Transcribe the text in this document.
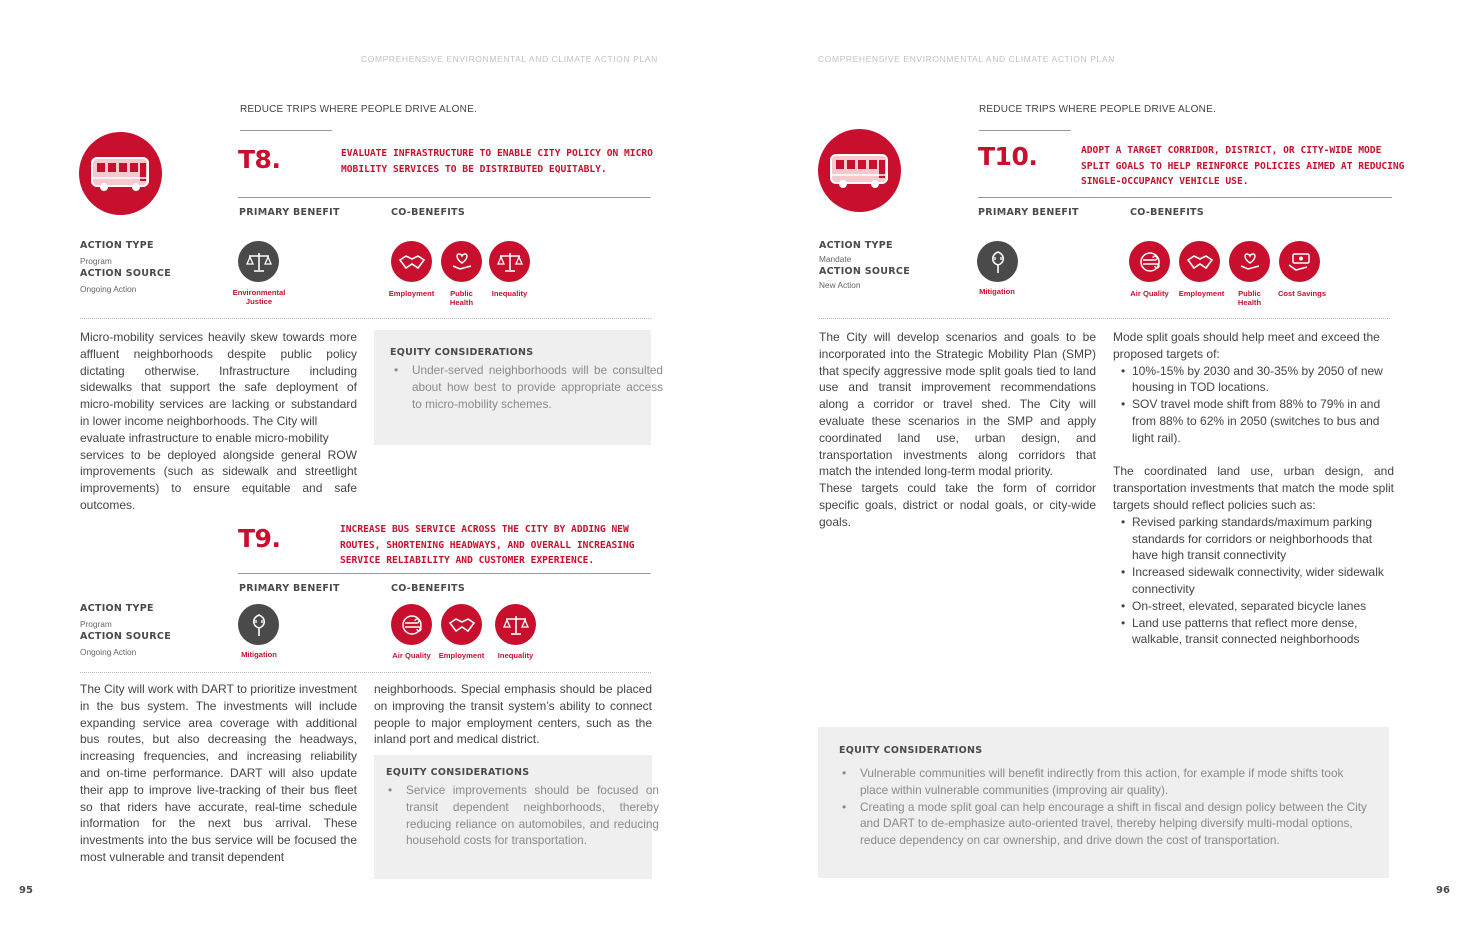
COMPREHENSIVE ENVIRONMENTAL AND CLIMATE ACTION PLAN	COMPREHENSIVE ENVIRONMENTAL AND CLIMATE ACTION PLAN
REDUCE TRIPS WHERE PEOPLE DRIVE ALONE.
T8.	EVALUATE INFRASTRUCTURE TO ENABLE CITY POLICY ON MICRO
MOBILITY SERVICES TO BE DISTRIBUTED EQUITABLY.
PRIMARY BENEFIT	CO-BENEFITS
ACTION TYPE
Program
ACTION SOURCE
Ongoing Action	Environmental
Justice
Employment	Public
Health
Inequality
Micro-mobility services heavily skew towards more affluent neighborhoods despite public policy dictating otherwise. Infrastructure including sidewalks that support the safe deployment of micro-mobility services are lacking or substandard in lower income neighborhoods. The City will
evaluate infrastructure to enable micro-mobility
services to be deployed alongside general ROW improvements (such as sidewalk and streetlight improvements) to ensure equitable and safe outcomes.
EQUITY CONSIDERATIONS
• Under-served neighborhoods will be consulted about how best to provide appropriate access to micro-mobility schemes.
T9.	INCREASE BUS SERVICE ACROSS THE CITY BY ADDING NEW
ROUTES, SHORTENING HEADWAYS, AND OVERALL INCREASING
SERVICE RELIABILITY AND CUSTOMER EXPERIENCE.
PRIMARY BENEFIT	CO-BENEFITS
ACTION TYPE
Program
ACTION SOURCE
Ongoing Action	Mitigation	Air Quality	Employment	Inequality
The City will work with DART to prioritize investment in the bus system. The investments will include expanding service area coverage with additional bus routes, but also decreasing the headways, increasing frequencies, and increasing reliability and on-time performance. DART will also update their app to improve live-tracking of their bus fleet so that riders have accurate, real-time schedule information for the next bus arrival. These investments into the bus service will be focused the most vulnerable and transit dependent
neighborhoods. Special emphasis should be placed on improving the transit system’s ability to connect people to major employment centers, such as the inland port and medical district.
EQUITY CONSIDERATIONS
• Service improvements should be focused on transit dependent neighborhoods, thereby reducing reliance on automobiles, and reducing household costs for transportation.
95
REDUCE TRIPS WHERE PEOPLE DRIVE ALONE.
T10.	ADOPT A TARGET CORRIDOR, DISTRICT, OR CITY-WIDE MODE
SPLIT GOALS TO HELP REINFORCE POLICIES AIMED AT REDUCING
SINGLE-OCCUPANCY VEHICLE USE.
PRIMARY BENEFIT	CO-BENEFITS
ACTION TYPE
Mandate
ACTION SOURCE
New Action
Mitigation	Air Quality	Employment	Public
Health
Cost Savings
The City will develop scenarios and goals to be incorporated into the Strategic Mobility Plan (SMP) that specify aggressive mode split goals tied to land use and transit improvement recommendations along a corridor or travel shed. The City will evaluate these scenarios in the SMP and apply coordinated land use, urban design, and transportation investments along corridors that match the intended long-term modal priority.
These targets could take the form of corridor specific goals, district or nodal goals, or city-wide goals.
Mode split goals should help meet and exceed the proposed targets of:
• 10%-15% by 2030 and 30-35% by 2050 of new housing in TOD locations.
• SOV travel mode shift from 88% to 79% in and from 88% to 62% in 2050 (switches to bus and light rail).
The coordinated land use, urban design, and transportation investments that match the mode split targets should reflect policies such as:
• Revised parking standards/maximum parking standards for corridors or neighborhoods that have high transit connectivity
• Increased sidewalk connectivity, wider sidewalk connectivity
• On-street, elevated, separated bicycle lanes
• Land use patterns that reflect more dense, walkable, transit connected neighborhoods
EQUITY CONSIDERATIONS
• Vulnerable communities will benefit indirectly from this action, for example if mode shifts took place within vulnerable communities (improving air quality).
• Creating a mode split goal can help encourage a shift in fiscal and design policy between the City and DART to de-emphasize auto-oriented travel, thereby helping diversify multi-modal options, reduce dependency on car ownership, and drive down the cost of transportation.
96
